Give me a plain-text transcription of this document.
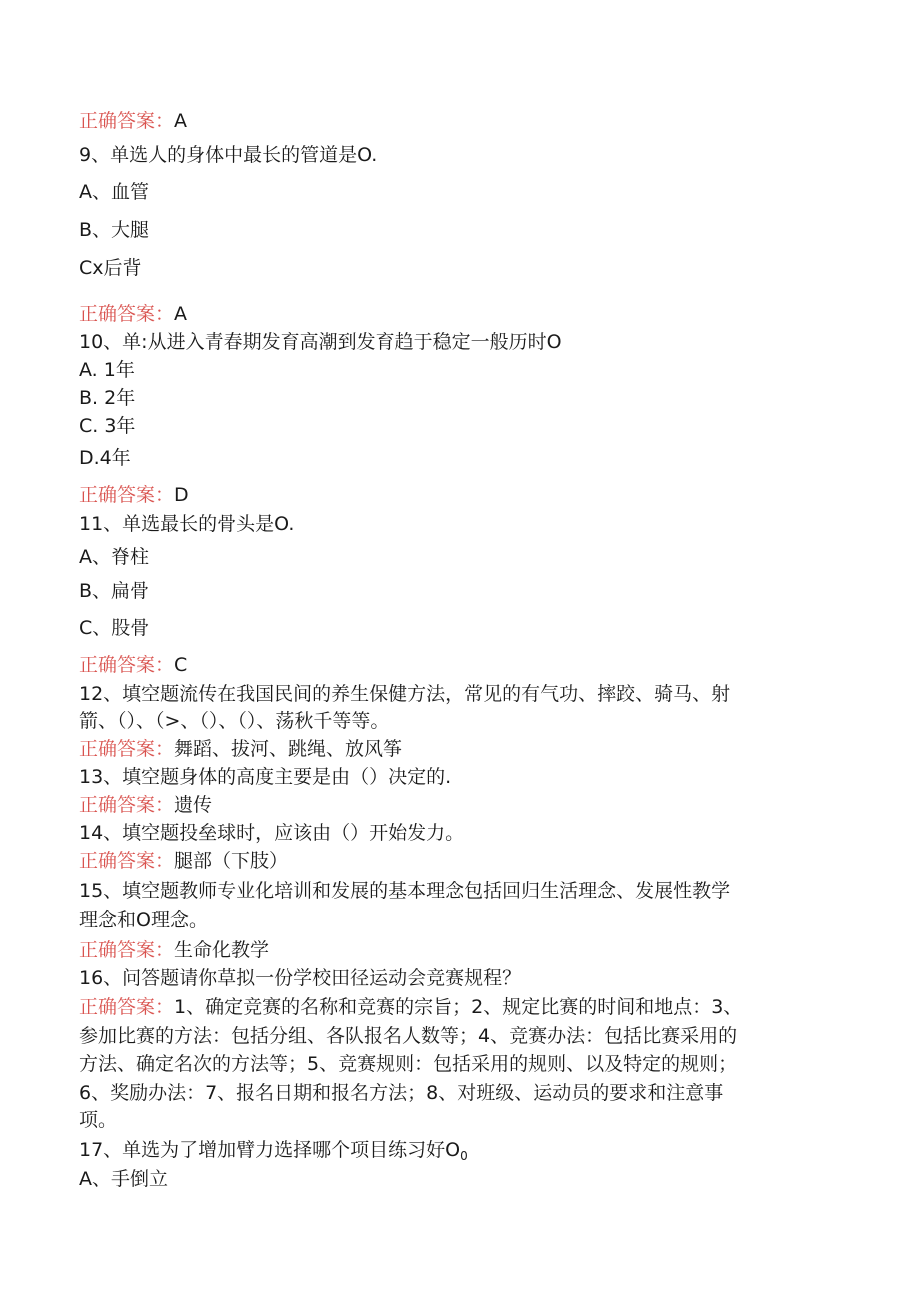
正确答案：A
9、单选人的身体中最长的管道是O.
A、血管
B、大腿
Cx后背
正确答案：A
10、单:从进入青春期发育高潮到发育趋于稳定一般历时O
A. 1年
B. 2年
C. 3年
D.4年
正确答案：D
11、单选最长的骨头是O.
A、脊柱
B、扁骨
C、股骨
正确答案：C
12、填空题流传在我国民间的养生保健方法，常见的有气功、摔跤、骑马、射
箭、（）、（>、（）、（）、荡秋千等等。
正确答案：舞蹈、拔河、跳绳、放风筝
13、填空题身体的高度主要是由（）决定的.
正确答案：遗传
14、填空题投垒球时，应该由（）开始发力。
正确答案：腿部（下肢）
15、填空题教师专业化培训和发展的基本理念包括回归生活理念、发展性教学
理念和O理念。
正确答案：生命化教学
16、问答题请你草拟一份学校田径运动会竞赛规程？
正确答案：1、确定竞赛的名称和竞赛的宗旨；2、规定比赛的时间和地点：3、
参加比赛的方法：包括分组、各队报名人数等；4、竞赛办法：包括比赛采用的
方法、确定名次的方法等；5、竞赛规则：包括采用的规则、以及特定的规则；
6、奖励办法：7、报名日期和报名方法；8、对班级、运动员的要求和注意事
项。
17、单选为了增加臂力选择哪个项目练习好$O_0$
A、手倒立
